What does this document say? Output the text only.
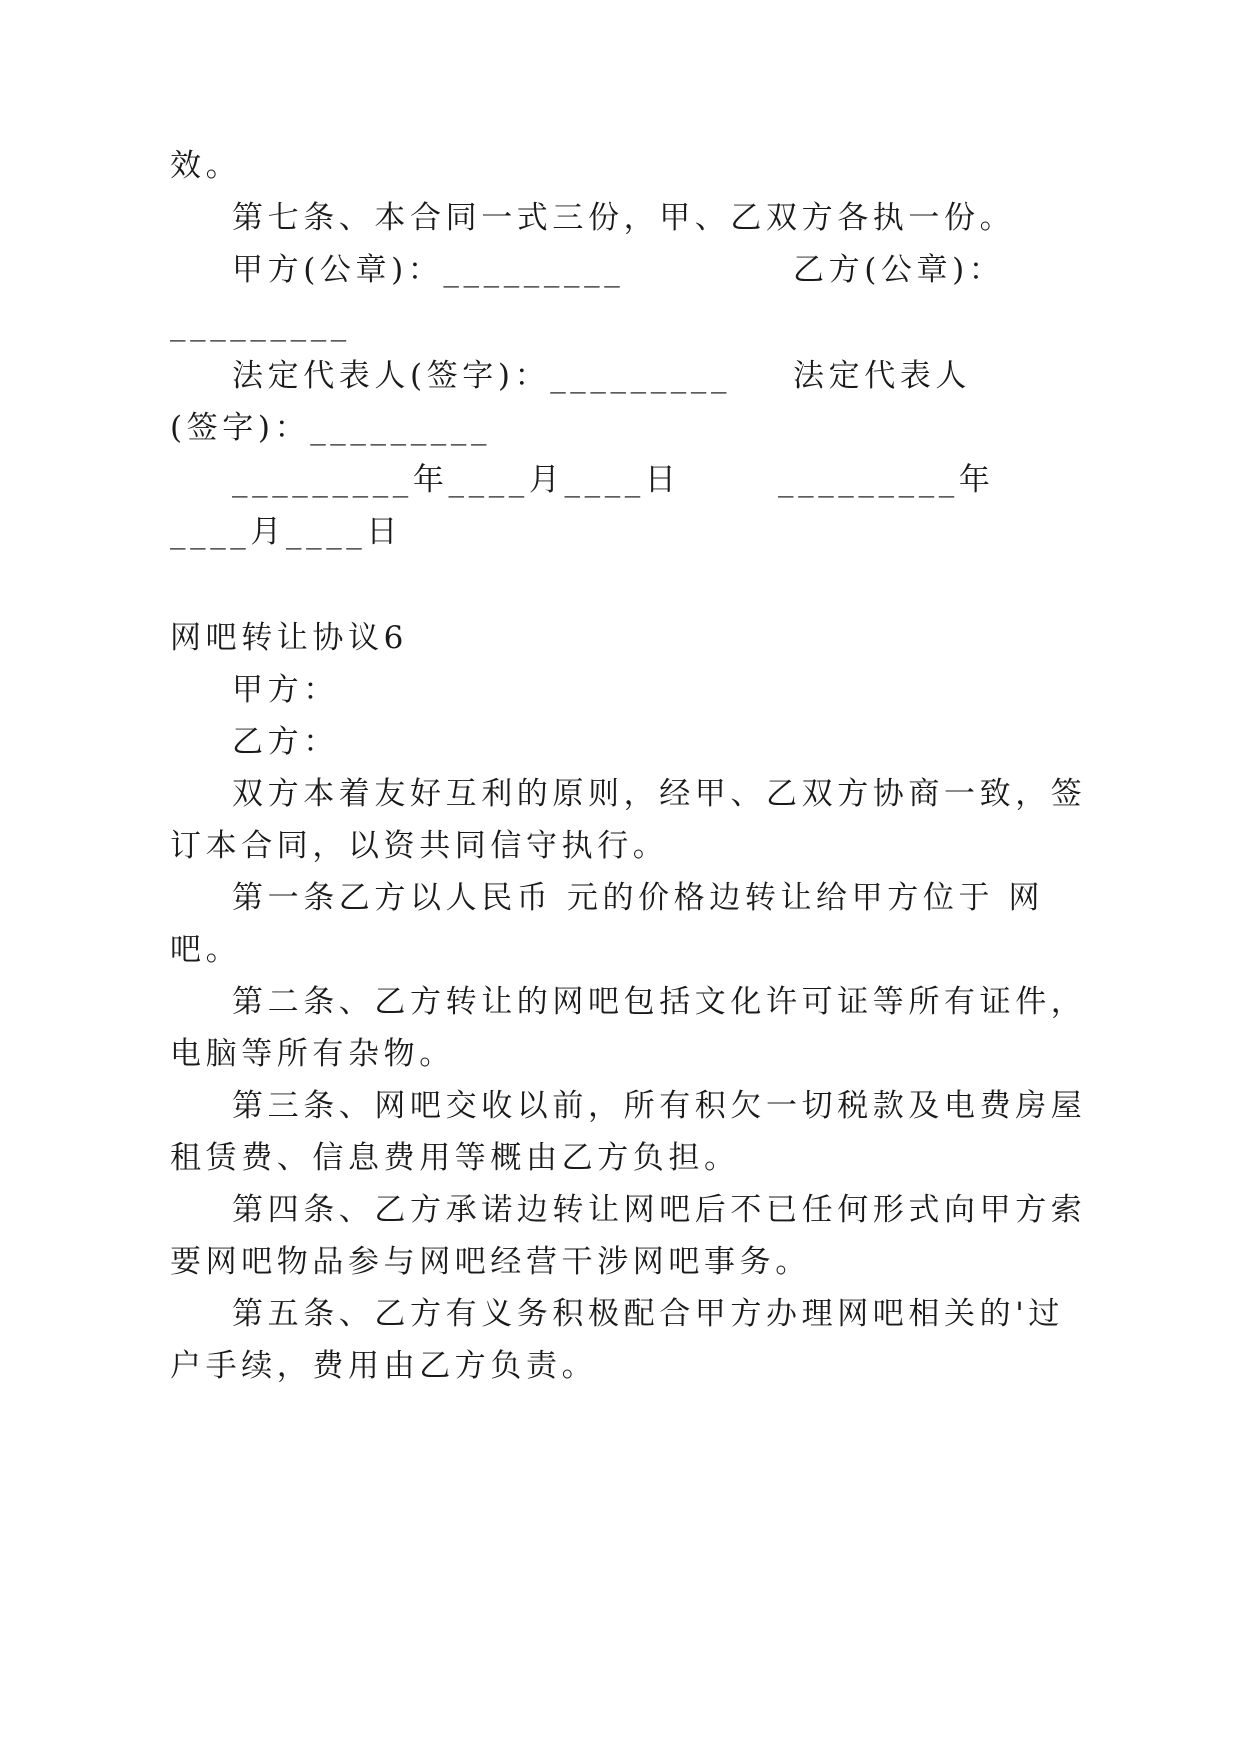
效。
第七条、本合同一式三份，甲、乙双方各执一份。
甲方(公章)：_________	乙方(公章)：
_________
法定代表人(签字)：_________ 法定代表人
(签字)：_________
_________年____月____日	_________年
____月____日
网吧转让协议6
甲方：
乙方：
双方本着友好互利的原则，经甲、乙双方协商一致，签
订本合同，以资共同信守执行。
第一条乙方以人民币 元的价格边转让给甲方位于 网
吧。
第二条、乙方转让的网吧包括文化许可证等所有证件，
电脑等所有杂物。
第三条、网吧交收以前，所有积欠一切税款及电费房屋
租赁费、信息费用等概由乙方负担。
第四条、乙方承诺边转让网吧后不已任何形式向甲方索
要网吧物品参与网吧经营干涉网吧事务。
第五条、乙方有义务积极配合甲方办理网吧相关的'过
户手续，费用由乙方负责。
